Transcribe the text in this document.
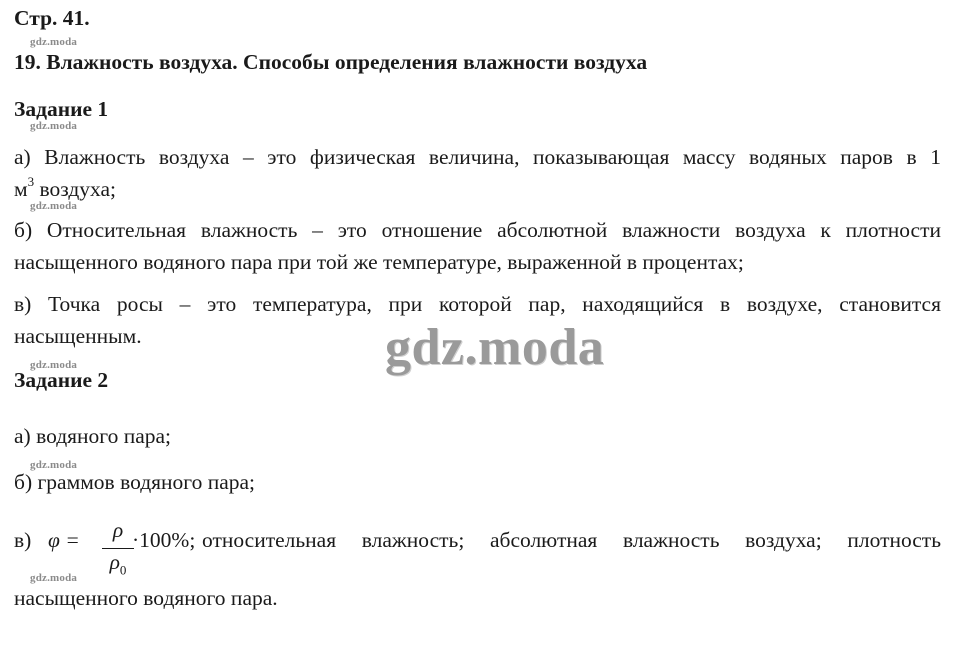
Стр. 41.
gdz.moda
19. Влажность воздуха. Способы определения влажности воздуха
Задание 1
gdz.moda
а) Влажность воздуха – это физическая величина, показывающая массу водяных паров в 1
$м^3$ воздуха;
gdz.moda
б) Относительная влажность – это отношение абсолютной влажности воздуха к плотности
насыщенного водяного пара при той же температуре, выраженной в процентах;
в) Точка росы – это температура, при которой пар, находящийся в воздухе, становится
насыщенным.	gdz.moda
gdz.moda
Задание 2
а) водяного пара;
gdz.moda
б) граммов водяного пара;
в) φ =	ρ
$\rho_0$
·100%; относительная влажность; абсолютная влажность воздуха; плотность
gdz.moda
насыщенного водяного пара.
